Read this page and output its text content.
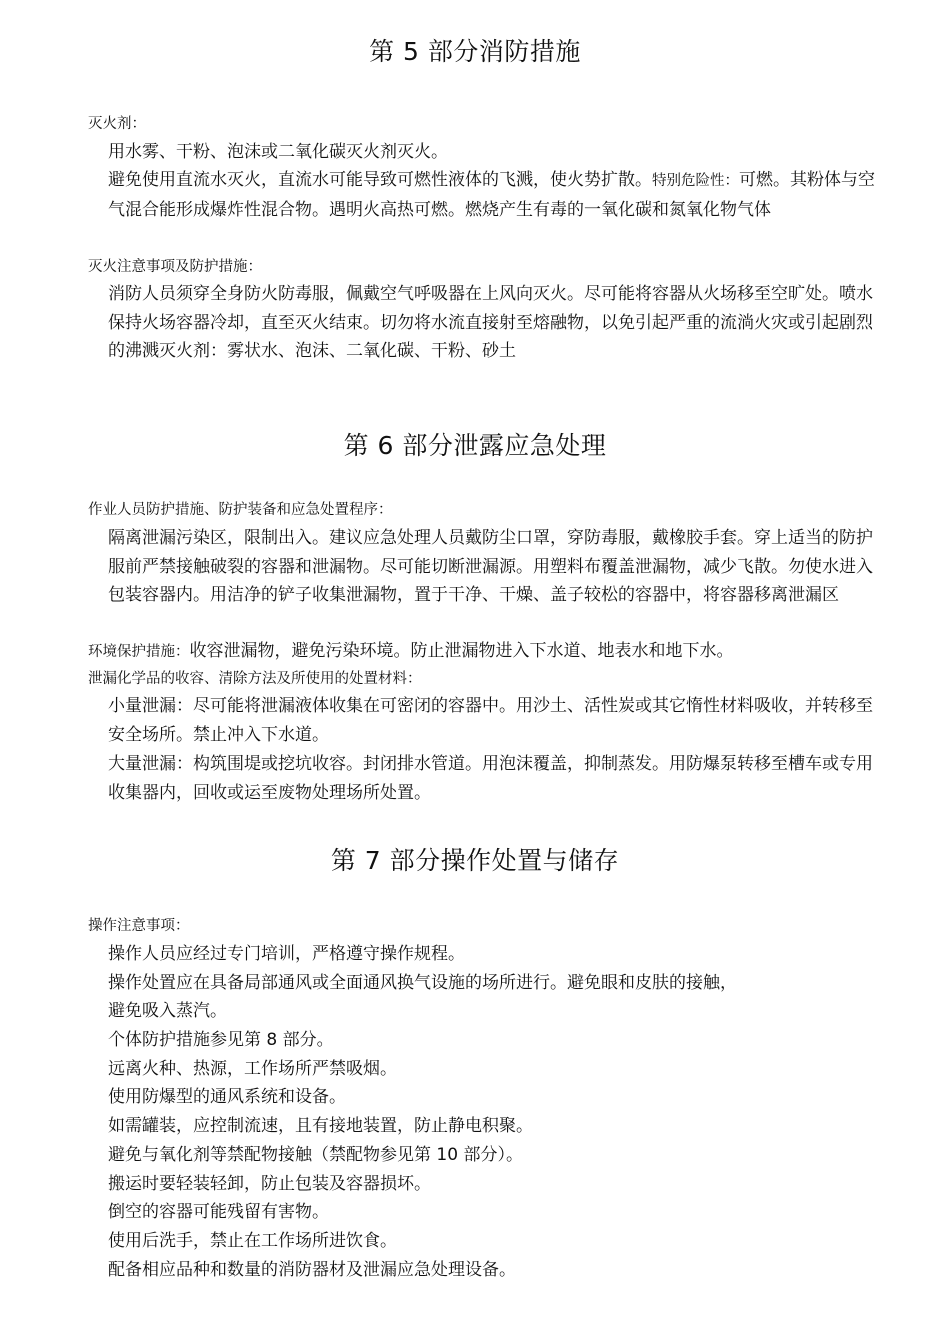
第 5 部分消防措施
灭火剂：
用水雾、干粉、泡沫或二氧化碳灭火剂灭火。
避免使用直流水灭火，直流水可能导致可燃性液体的飞溅，使火势扩散。特别危险性：可燃。其粉体与空气混合能形成爆炸性混合物。遇明火高热可燃。燃烧产生有毒的一氧化碳和氮氧化物气体
灭火注意事项及防护措施：
消防人员须穿全身防火防毒服，佩戴空气呼吸器在上风向灭火。尽可能将容器从火场移至空旷处。喷水保持火场容器冷却，直至灭火结束。切勿将水流直接射至熔融物，以免引起严重的流淌火灾或引起剧烈的沸溅灭火剂：雾状水、泡沫、二氧化碳、干粉、砂土
第 6 部分泄露应急处理
作业人员防护措施、防护装备和应急处置程序：
隔离泄漏污染区，限制出入。建议应急处理人员戴防尘口罩，穿防毒服，戴橡胶手套。穿上适当的防护服前严禁接触破裂的容器和泄漏物。尽可能切断泄漏源。用塑料布覆盖泄漏物，减少飞散。勿使水进入包装容器内。用洁净的铲子收集泄漏物，置于干净、干燥、盖子较松的容器中，将容器移离泄漏区
环境保护措施：收容泄漏物，避免污染环境。防止泄漏物进入下水道、地表水和地下水。
泄漏化学品的收容、清除方法及所使用的处置材料：
小量泄漏：尽可能将泄漏液体收集在可密闭的容器中。用沙土、活性炭或其它惰性材料吸收，并转移至安全场所。禁止冲入下水道。
大量泄漏：构筑围堤或挖坑收容。封闭排水管道。用泡沫覆盖，抑制蒸发。用防爆泵转移至槽车或专用收集器内，回收或运至废物处理场所处置。
第 7 部分操作处置与储存
操作注意事项：
操作人员应经过专门培训，严格遵守操作规程。
操作处置应在具备局部通风或全面通风换气设施的场所进行。避免眼和皮肤的接触，
避免吸入蒸汽。
个体防护措施参见第 8 部分。
远离火种、热源，工作场所严禁吸烟。
使用防爆型的通风系统和设备。
如需罐装，应控制流速，且有接地装置，防止静电积聚。
避免与氧化剂等禁配物接触（禁配物参见第 10 部分）。
搬运时要轻装轻卸，防止包装及容器损坏。
倒空的容器可能残留有害物。
使用后洗手，禁止在工作场所进饮食。
配备相应品种和数量的消防器材及泄漏应急处理设备。
